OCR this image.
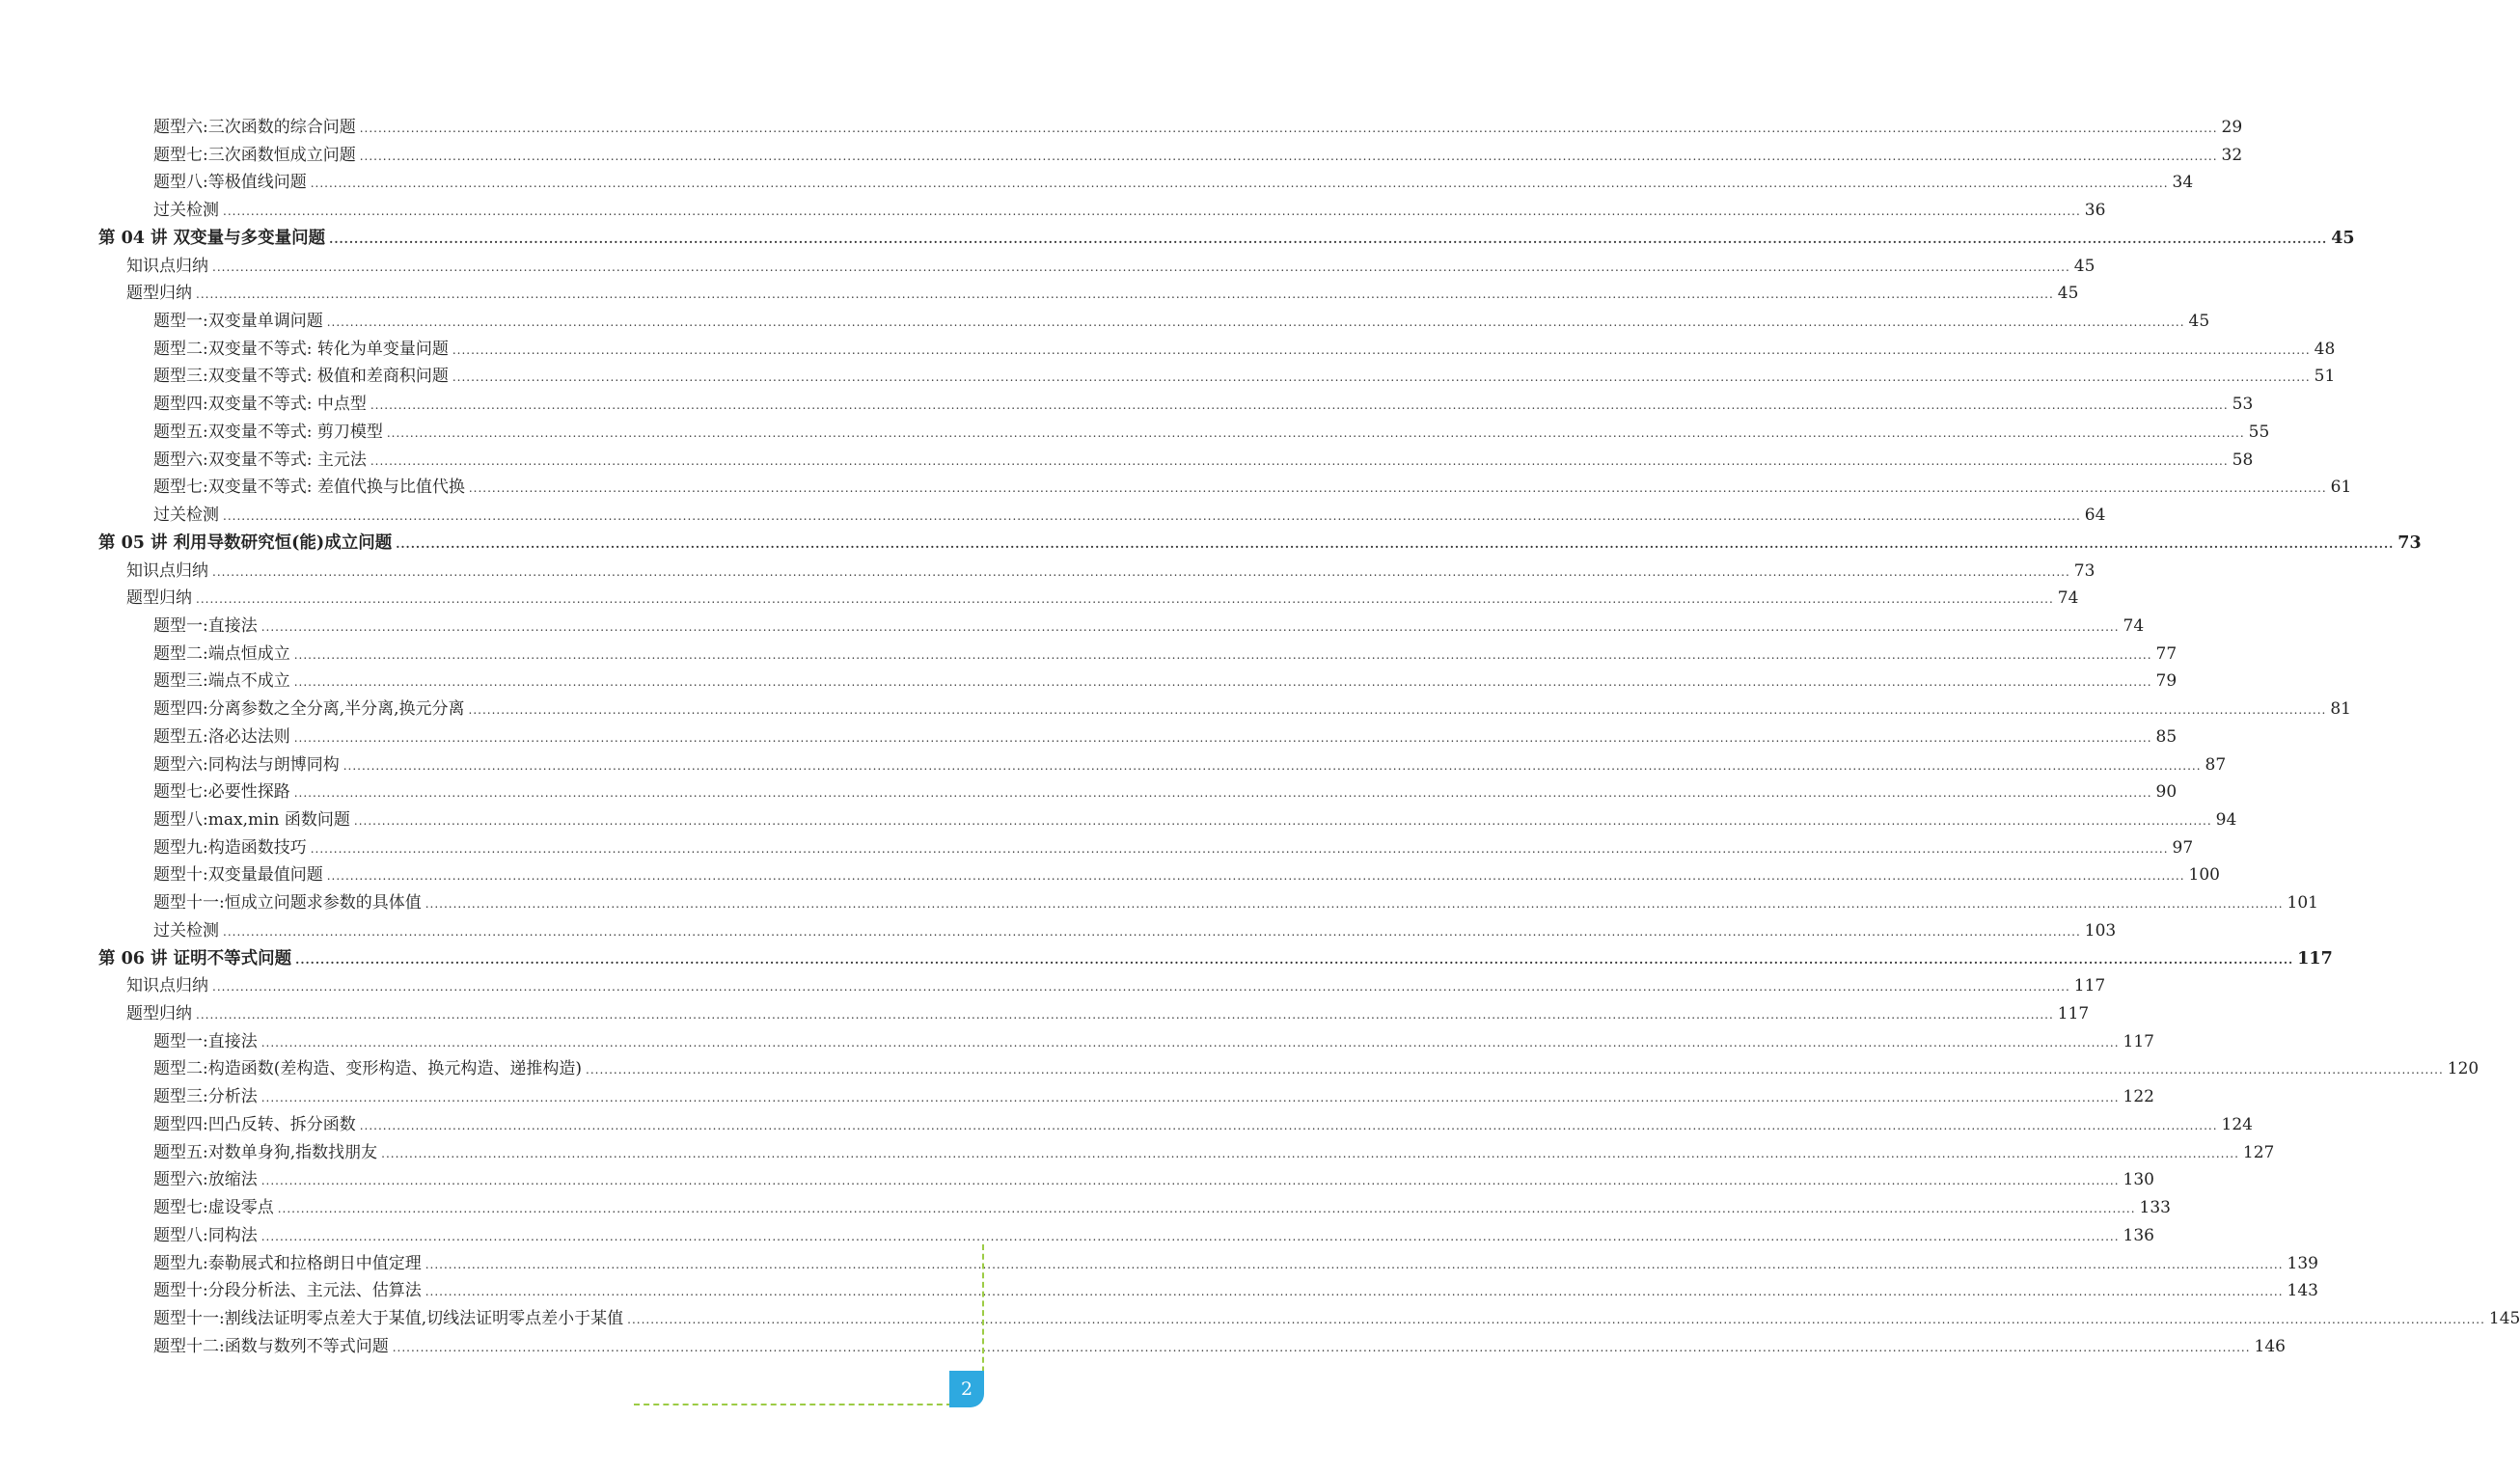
题型六:三次函数的综合问题 ................................................................................................................................................................................................................................................................................................................................................................................................................ 29
题型七:三次函数恒成立问题 ................................................................................................................................................................................................................................................................................................................................................................................................................ 32
题型八:等极值线问题 ................................................................................................................................................................................................................................................................................................................................................................................................................ 34
过关检测 ................................................................................................................................................................................................................................................................................................................................................................................................................ 36
第 04 讲 双变量与多变量问题 ................................................................................................................................................................................................................................................................................................................................................................................................................ 45
知识点归纳 ................................................................................................................................................................................................................................................................................................................................................................................................................ 45
题型归纳 ................................................................................................................................................................................................................................................................................................................................................................................................................ 45
题型一:双变量单调问题 ................................................................................................................................................................................................................................................................................................................................................................................................................ 45
题型二:双变量不等式: 转化为单变量问题 ................................................................................................................................................................................................................................................................................................................................................................................................................ 48
题型三:双变量不等式: 极值和差商积问题 ................................................................................................................................................................................................................................................................................................................................................................................................................ 51
题型四:双变量不等式: 中点型 ................................................................................................................................................................................................................................................................................................................................................................................................................ 53
题型五:双变量不等式: 剪刀模型 ................................................................................................................................................................................................................................................................................................................................................................................................................ 55
题型六:双变量不等式: 主元法 ................................................................................................................................................................................................................................................................................................................................................................................................................ 58
题型七:双变量不等式: 差值代换与比值代换 ................................................................................................................................................................................................................................................................................................................................................................................................................ 61
过关检测 ................................................................................................................................................................................................................................................................................................................................................................................................................ 64
第 05 讲 利用导数研究恒(能)成立问题 ................................................................................................................................................................................................................................................................................................................................................................................................................ 73
知识点归纳 ................................................................................................................................................................................................................................................................................................................................................................................................................ 73
题型归纳 ................................................................................................................................................................................................................................................................................................................................................................................................................ 74
题型一:直接法 ................................................................................................................................................................................................................................................................................................................................................................................................................ 74
题型二:端点恒成立 ................................................................................................................................................................................................................................................................................................................................................................................................................ 77
题型三:端点不成立 ................................................................................................................................................................................................................................................................................................................................................................................................................ 79
题型四:分离参数之全分离,半分离,换元分离 ................................................................................................................................................................................................................................................................................................................................................................................................................ 81
题型五:洛必达法则 ................................................................................................................................................................................................................................................................................................................................................................................................................ 85
题型六:同构法与朗博同构 ................................................................................................................................................................................................................................................................................................................................................................................................................ 87
题型七:必要性探路 ................................................................................................................................................................................................................................................................................................................................................................................................................ 90
题型八:max,min 函数问题 ................................................................................................................................................................................................................................................................................................................................................................................................................ 94
题型九:构造函数技巧 ................................................................................................................................................................................................................................................................................................................................................................................................................ 97
题型十:双变量最值问题 ................................................................................................................................................................................................................................................................................................................................................................................................................ 100
题型十一:恒成立问题求参数的具体值 ................................................................................................................................................................................................................................................................................................................................................................................................................ 101
过关检测 ................................................................................................................................................................................................................................................................................................................................................................................................................ 103
第 06 讲 证明不等式问题 ................................................................................................................................................................................................................................................................................................................................................................................................................ 117
知识点归纳 ................................................................................................................................................................................................................................................................................................................................................................................................................ 117
题型归纳 ................................................................................................................................................................................................................................................................................................................................................................................................................ 117
题型一:直接法 ................................................................................................................................................................................................................................................................................................................................................................................................................ 117
题型二:构造函数(差构造、变形构造、换元构造、递推构造) ................................................................................................................................................................................................................................................................................................................................................................................................................ 120
题型三:分析法 ................................................................................................................................................................................................................................................................................................................................................................................................................ 122
题型四:凹凸反转、拆分函数 ................................................................................................................................................................................................................................................................................................................................................................................................................ 124
题型五:对数单身狗,指数找朋友 ................................................................................................................................................................................................................................................................................................................................................................................................................ 127
题型六:放缩法 ................................................................................................................................................................................................................................................................................................................................................................................................................ 130
题型七:虚设零点 ................................................................................................................................................................................................................................................................................................................................................................................................................ 133
题型八:同构法 ................................................................................................................................................................................................................................................................................................................................................................................................................ 136
题型九:泰勒展式和拉格朗日中值定理 ................................................................................................................................................................................................................................................................................................................................................................................................................ 139
题型十:分段分析法、主元法、估算法 ................................................................................................................................................................................................................................................................................................................................................................................................................ 143
题型十一:割线法证明零点差大于某值,切线法证明零点差小于某值 ................................................................................................................................................................................................................................................................................................................................................................................................................ 145
题型十二:函数与数列不等式问题 ................................................................................................................................................................................................................................................................................................................................................................................................................ 146
2
